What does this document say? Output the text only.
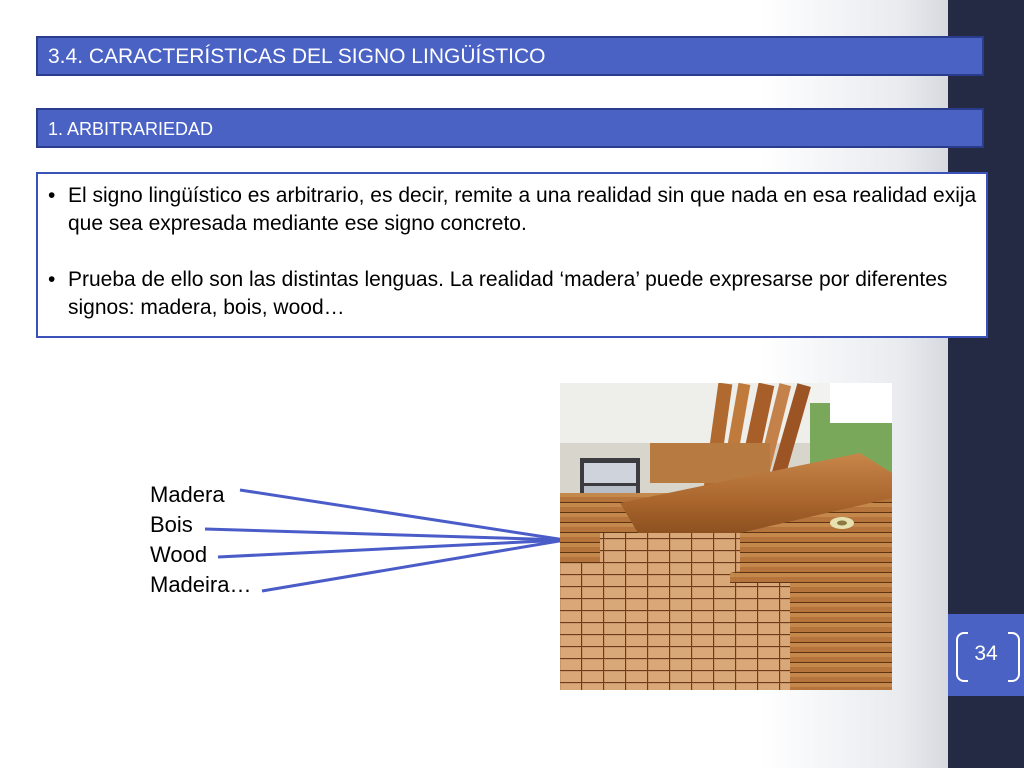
34
3.4. CARACTERÍSTICAS DEL SIGNO LINGÜÍSTICO
1. ARBITRARIEDAD
• El signo lingüístico es arbitrario, es decir, remite a una realidad sin que nada en esa realidad exija que sea expresada mediante ese signo concreto.
• Prueba de ello son las distintas lenguas. La realidad ‘madera’ puede expresarse por diferentes signos: madera, bois, wood…
Madera
Bois
Wood
Madeira…
